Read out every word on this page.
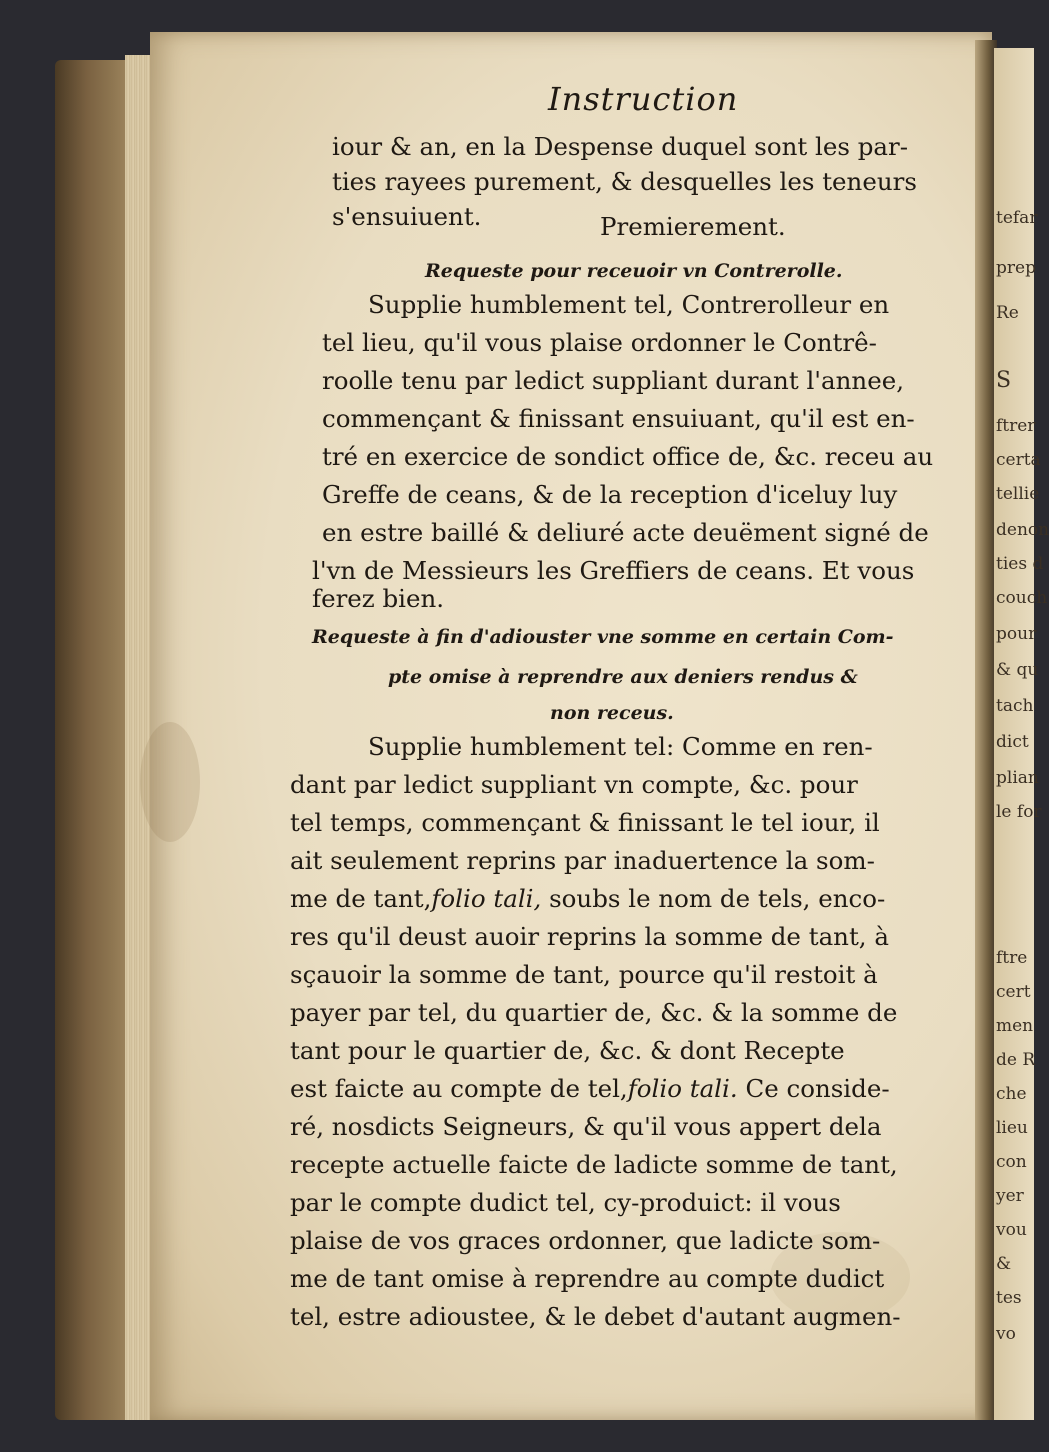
Instruction
iour & an, en la Despense duquel sont les par-
ties rayees purement, & desquelles les teneurs
s'ensuiuent.	Premierement.
Requeste pour receuoir vn Contrerolle.
Supplie humblement tel, Contrerolleur en
tel lieu, qu'il vous plaise ordonner le Contrê-
roolle tenu par ledict suppliant durant l'annee,
commençant & finissant ensuiuant, qu'il est en-
tré en exercice de sondict office de, &c. receu au
Greffe de ceans, & de la reception d'iceluy luy
en estre baillé & deliuré acte deuëment signé de
l'vn de Messieurs les Greffiers de ceans. Et vous
ferez bien.
Requeste à fin d'adiouster vne somme en certain Com-
pte omise à reprendre aux deniers rendus &
non receus.
Supplie humblement tel: Comme en ren-
dant par ledict suppliant vn compte, &c. pour
tel temps, commençant & finissant le tel iour, il
ait seulement reprins par inaduertence la som-
me de tant,folio tali, soubs le nom de tels, enco-
res qu'il deust auoir reprins la somme de tant, à
sçauoir la somme de tant, pource qu'il restoit à
payer par tel, du quartier de, &c. & la somme de
tant pour le quartier de, &c. & dont Recepte
est faicte au compte de tel,folio tali. Ce conside-
ré, nosdicts Seigneurs, & qu'il vous appert dela
recepte actuelle faicte de ladicte somme de tant,
par le compte dudict tel, cy-produict: il vous
plaise de vos graces ordonner, que ladicte som-
me de tant omise à reprendre au compte dudict
tel, estre adioustee, & le debet d'autant augmen-
tefar
prep
Re
S
ftrer
certa
tellie
denon
ties d
couch
pour
& qu
tach
dict
plian
le for
ftre
cert
men
de R
che
lieu
con
yer
vou
&
tes
vo
